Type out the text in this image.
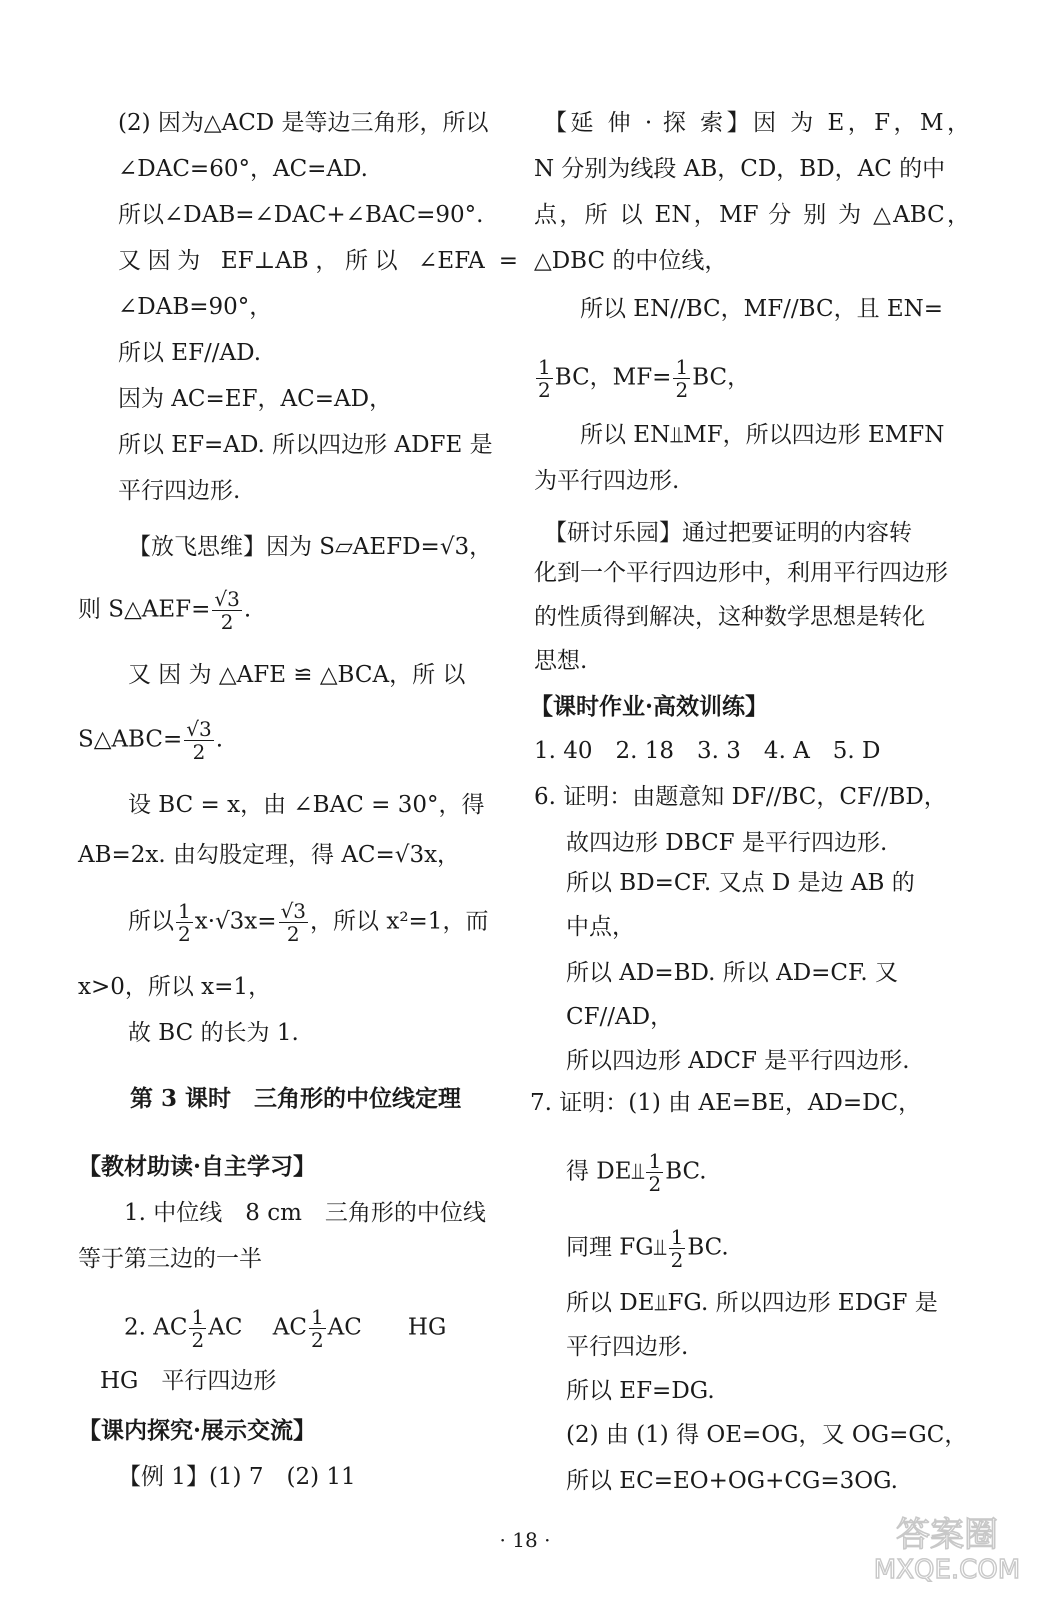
(2) 因为△ACD 是等边三角形，所以
∠DAC=60°，AC=AD.
所以∠DAB=∠DAC+∠BAC=90°.
又因为 EF⊥AB，所以 ∠EFA =
∠DAB=90°，
所以 EF//AD.
因为 AC=EF，AC=AD，
所以 EF=AD. 所以四边形 ADFE 是
平行四边形.
【放飞思维】因为 S▱AEFD=√3，
则 S△AEF= $\frac{√3}{2}$ .
又 因 为 △AFE ≌ △BCA，所 以
S△ABC= $\frac{√3}{2}$ .
设 BC = x，由 ∠BAC = 30°，得
AB=2x. 由勾股定理，得 AC=√3x，
所以 $\frac{1}{2} x\cdot√3x= \frac{√3}{2}$ ，所以 x²=1，而
x>0，所以 x=1，
故 BC 的长为 1.
第 3 课时　三角形的中位线定理
【教材助读·自主学习】
1. 中位线　8 cm　三角形的中位线
等于第三边的一半
2. AC $\frac{1}{2}$ AC　 AC $\frac{1}{2}$ AC　　HG
HG　平行四边形
【课内探究·展示交流】
【例 1】(1) 7　(2) 11
【延 伸 · 探 索】因 为 E，F，M，
N 分别为线段 AB，CD，BD，AC 的中
点，所 以 EN，MF 分 别 为 △ABC，
△DBC 的中位线，
所以 EN//BC，MF//BC，且 EN=
$\frac{1}{2}$ BC，$MF= \frac{1}{2}$ BC，
所以 EN⫫MF，所以四边形 EMFN
为平行四边形.
【研讨乐园】通过把要证明的内容转
化到一个平行四边形中，利用平行四边形
的性质得到解决，这种数学思想是转化
思想.
【课时作业·高效训练】
1. 40　2. 18　3. 3　4. A　5. D
6. 证明：由题意知 DF//BC，CF//BD，
故四边形 DBCF 是平行四边形.
所以 BD=CF. 又点 D 是边 AB 的
中点，
所以 AD=BD. 所以 AD=CF. 又
CF//AD，
所以四边形 ADCF 是平行四边形.
7. 证明：(1) 由 AE=BE，AD=DC，
得 DE⫫ $\frac{1}{2}$ BC.
同理 FG⫫ $\frac{1}{2}$ BC.
所以 DE⫫FG. 所以四边形 EDGF 是
平行四边形.
所以 EF=DG.
(2) 由 (1) 得 OE=OG，又 OG=GC，
所以 EC=EO+OG+CG=3OG.
· 18 ·	答案圈
MXQE.COM
